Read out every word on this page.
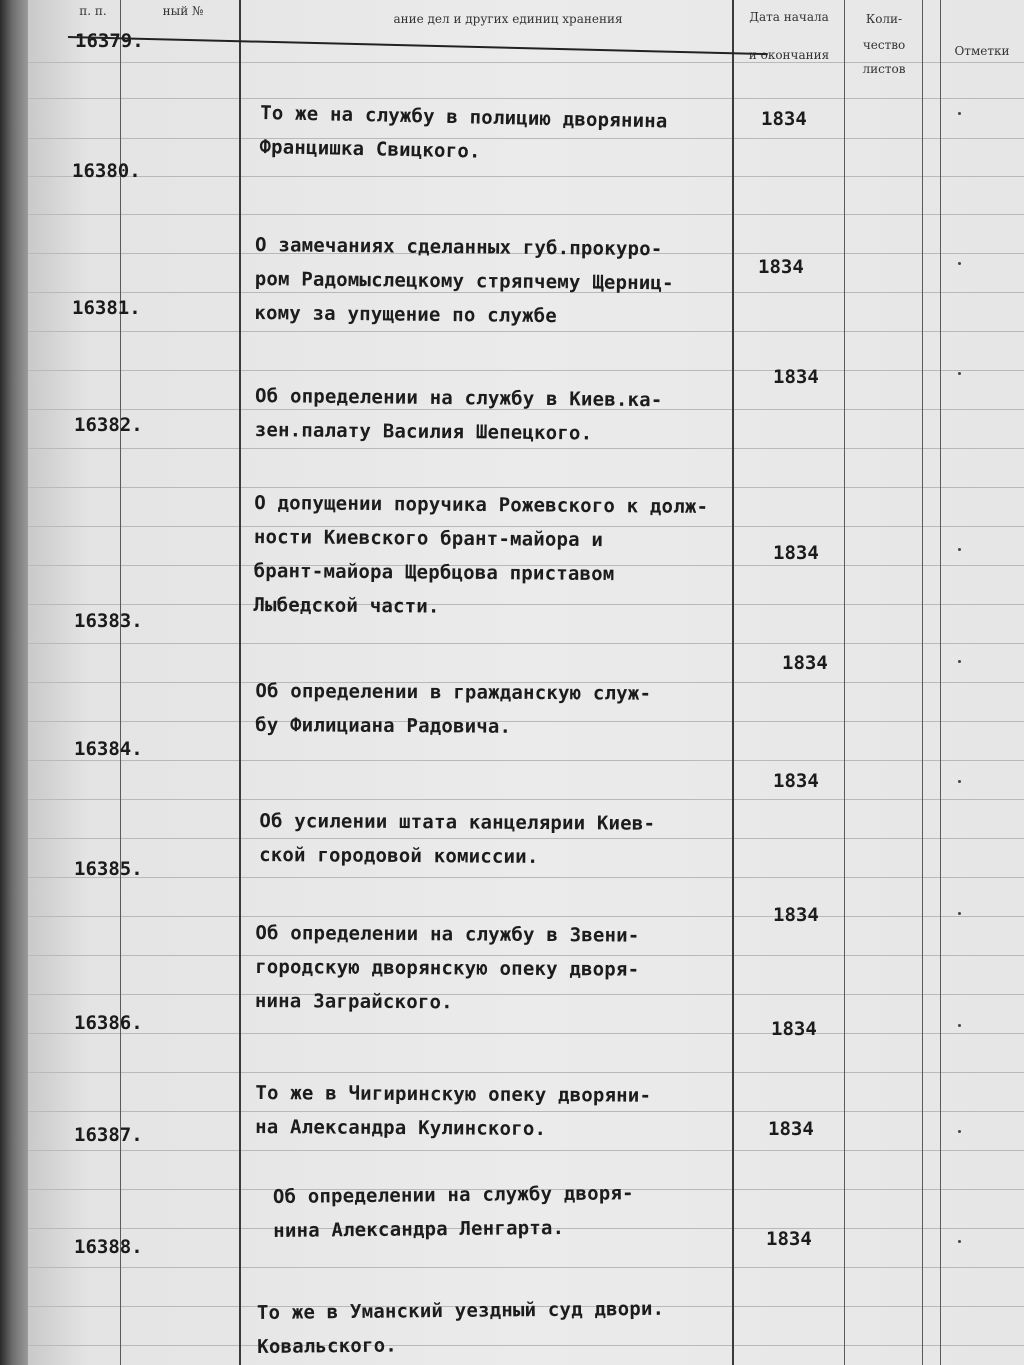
п. п.	ный №
ание дел и других единиц хранения	Дата начала
и окончания
Коли-
чество
листов
Отметки

16379.

То же на службу в полицию дворянина
Францишка Свицкого.

1834
16380.

О замечаниях сделанных губ.прокуро-
ром Радомыслецкому стряпчему Щерниц-
кому за упущение по службе

1834
16381.

Об определении на службу в Киев.ка-
зен.палату Василия Шепецкого.

1834
16382.

О допущении поручика Рожевского к долж-
ности Киевского брант-майора и
брант-майора Щербцова приставом
Лыбедской части.

1834
16383.

Об определении в гражданскую служ-
бу Филициана Радовича.

1834
16384.

Об усилении штата канцелярии Киев-
ской городовой комиссии.

1834
16385.

Об определении на службу в Звени-
городскую дворянскую опеку дворя-
нина Заграйского.

1834
16386.

То же в Чигиринскую опеку дворяни-
на Александра Кулинского.

1834
16387.

Об определении на службу дворя-
нина Александра Ленгарта.

1834
16388.

То же в Уманский уездный суд двори.
Ковальского.

1834
